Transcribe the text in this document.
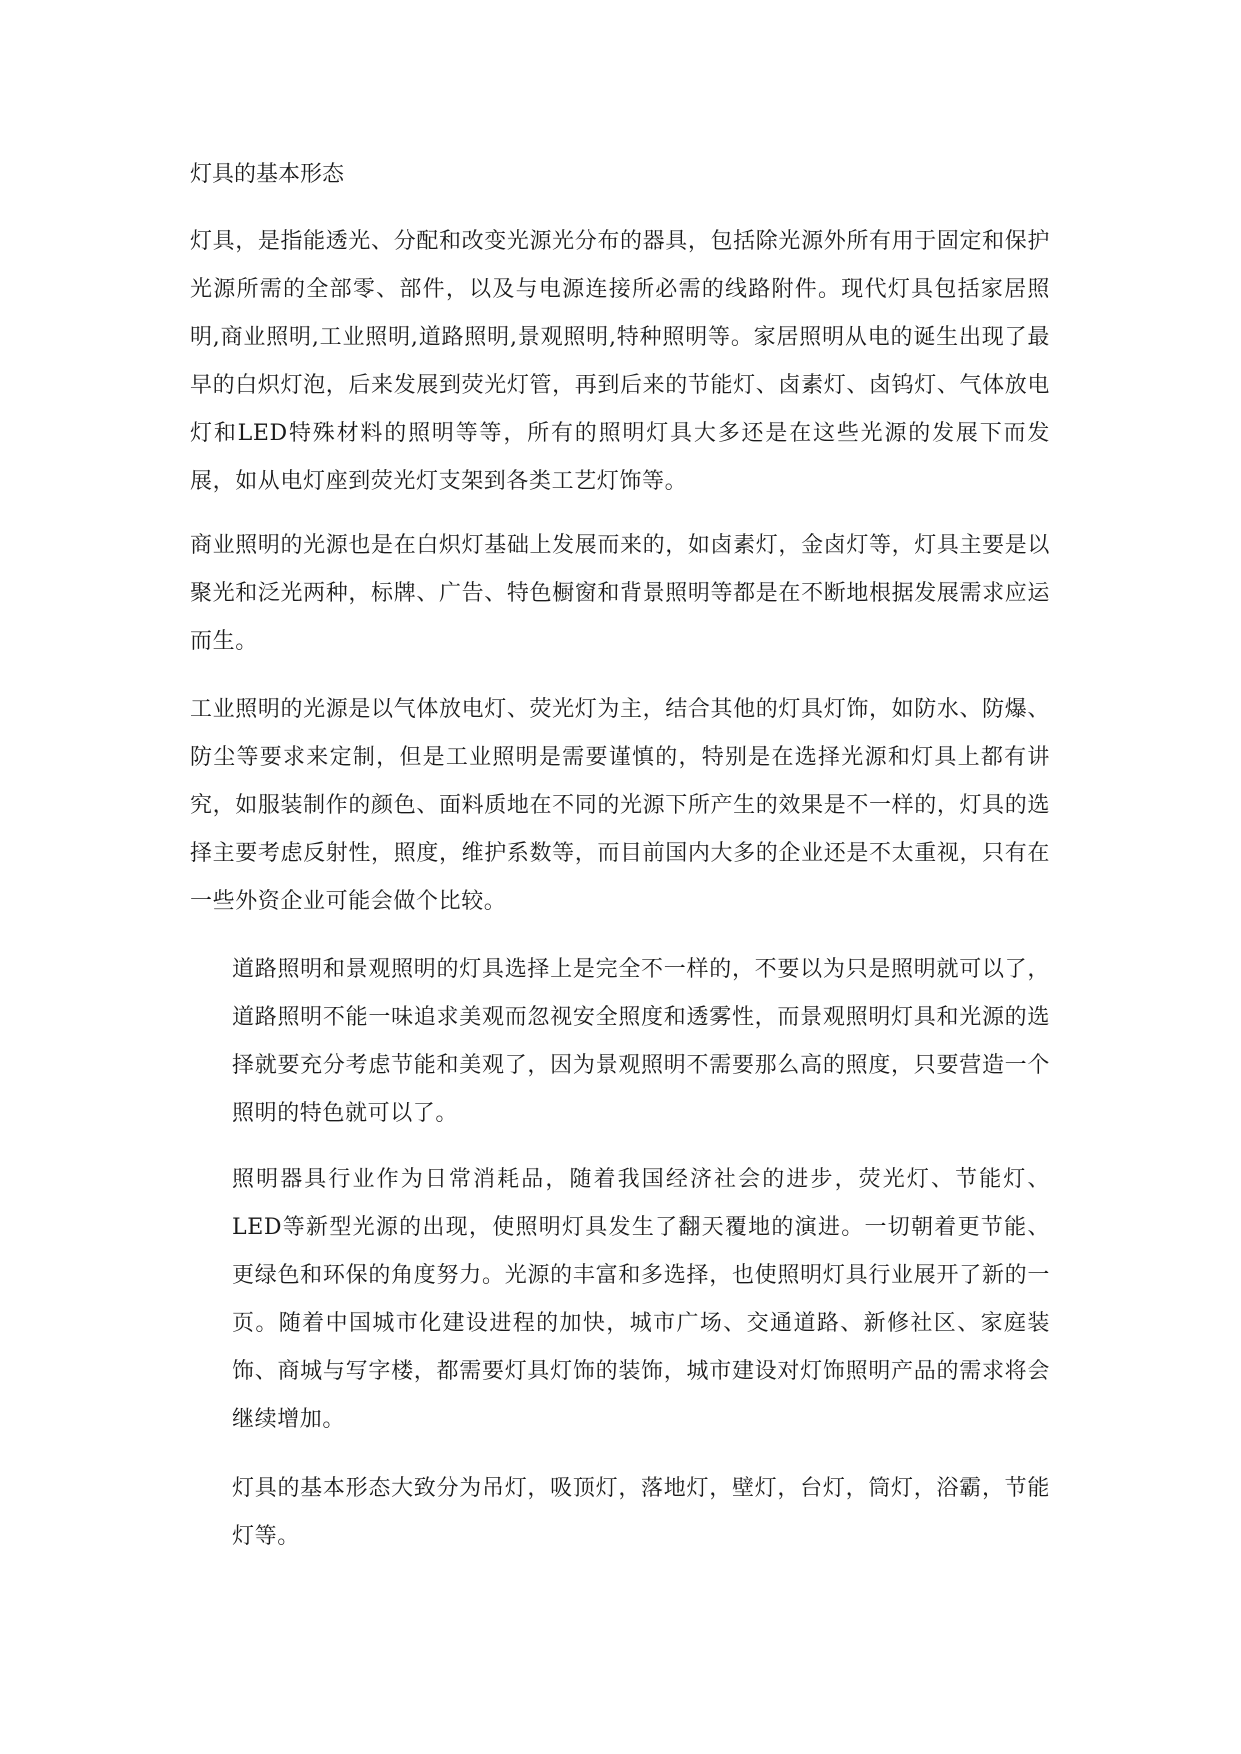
灯具的基本形态

灯具，是指能透光、分配和改变光源光分布的器具，包括除光源外所有用于固定和保护光源所需的全部零、部件，以及与电源连接所必需的线路附件。现代灯具包括家居照明,商业照明,工业照明,道路照明,景观照明,特种照明等。家居照明从电的诞生出现了最早的白炽灯泡，后来发展到荧光灯管，再到后来的节能灯、卤素灯、卤钨灯、气体放电灯和LED特殊材料的照明等等，所有的照明灯具大多还是在这些光源的发展下而发展，如从电灯座到荧光灯支架到各类工艺灯饰等。

商业照明的光源也是在白炽灯基础上发展而来的，如卤素灯，金卤灯等，灯具主要是以聚光和泛光两种，标牌、广告、特色橱窗和背景照明等都是在不断地根据发展需求应运而生。

工业照明的光源是以气体放电灯、荧光灯为主，结合其他的灯具灯饰，如防水、防爆、防尘等要求来定制，但是工业照明是需要谨慎的，特别是在选择光源和灯具上都有讲究，如服装制作的颜色、面料质地在不同的光源下所产生的效果是不一样的，灯具的选择主要考虑反射性，照度，维护系数等，而目前国内大多的企业还是不太重视，只有在一些外资企业可能会做个比较。

道路照明和景观照明的灯具选择上是完全不一样的，不要以为只是照明就可以了，道路照明不能一味追求美观而忽视安全照度和透雾性，而景观照明灯具和光源的选择就要充分考虑节能和美观了，因为景观照明不需要那么高的照度，只要营造一个照明的特色就可以了。

照明器具行业作为日常消耗品，随着我国经济社会的进步，荧光灯、节能灯、LED等新型光源的出现，使照明灯具发生了翻天覆地的演进。一切朝着更节能、更绿色和环保的角度努力。光源的丰富和多选择，也使照明灯具行业展开了新的一页。随着中国城市化建设进程的加快，城市广场、交通道路、新修社区、家庭装饰、商城与写字楼，都需要灯具灯饰的装饰，城市建设对灯饰照明产品的需求将会继续增加。

灯具的基本形态大致分为吊灯，吸顶灯，落地灯，壁灯，台灯，筒灯，浴霸，节能灯等。
